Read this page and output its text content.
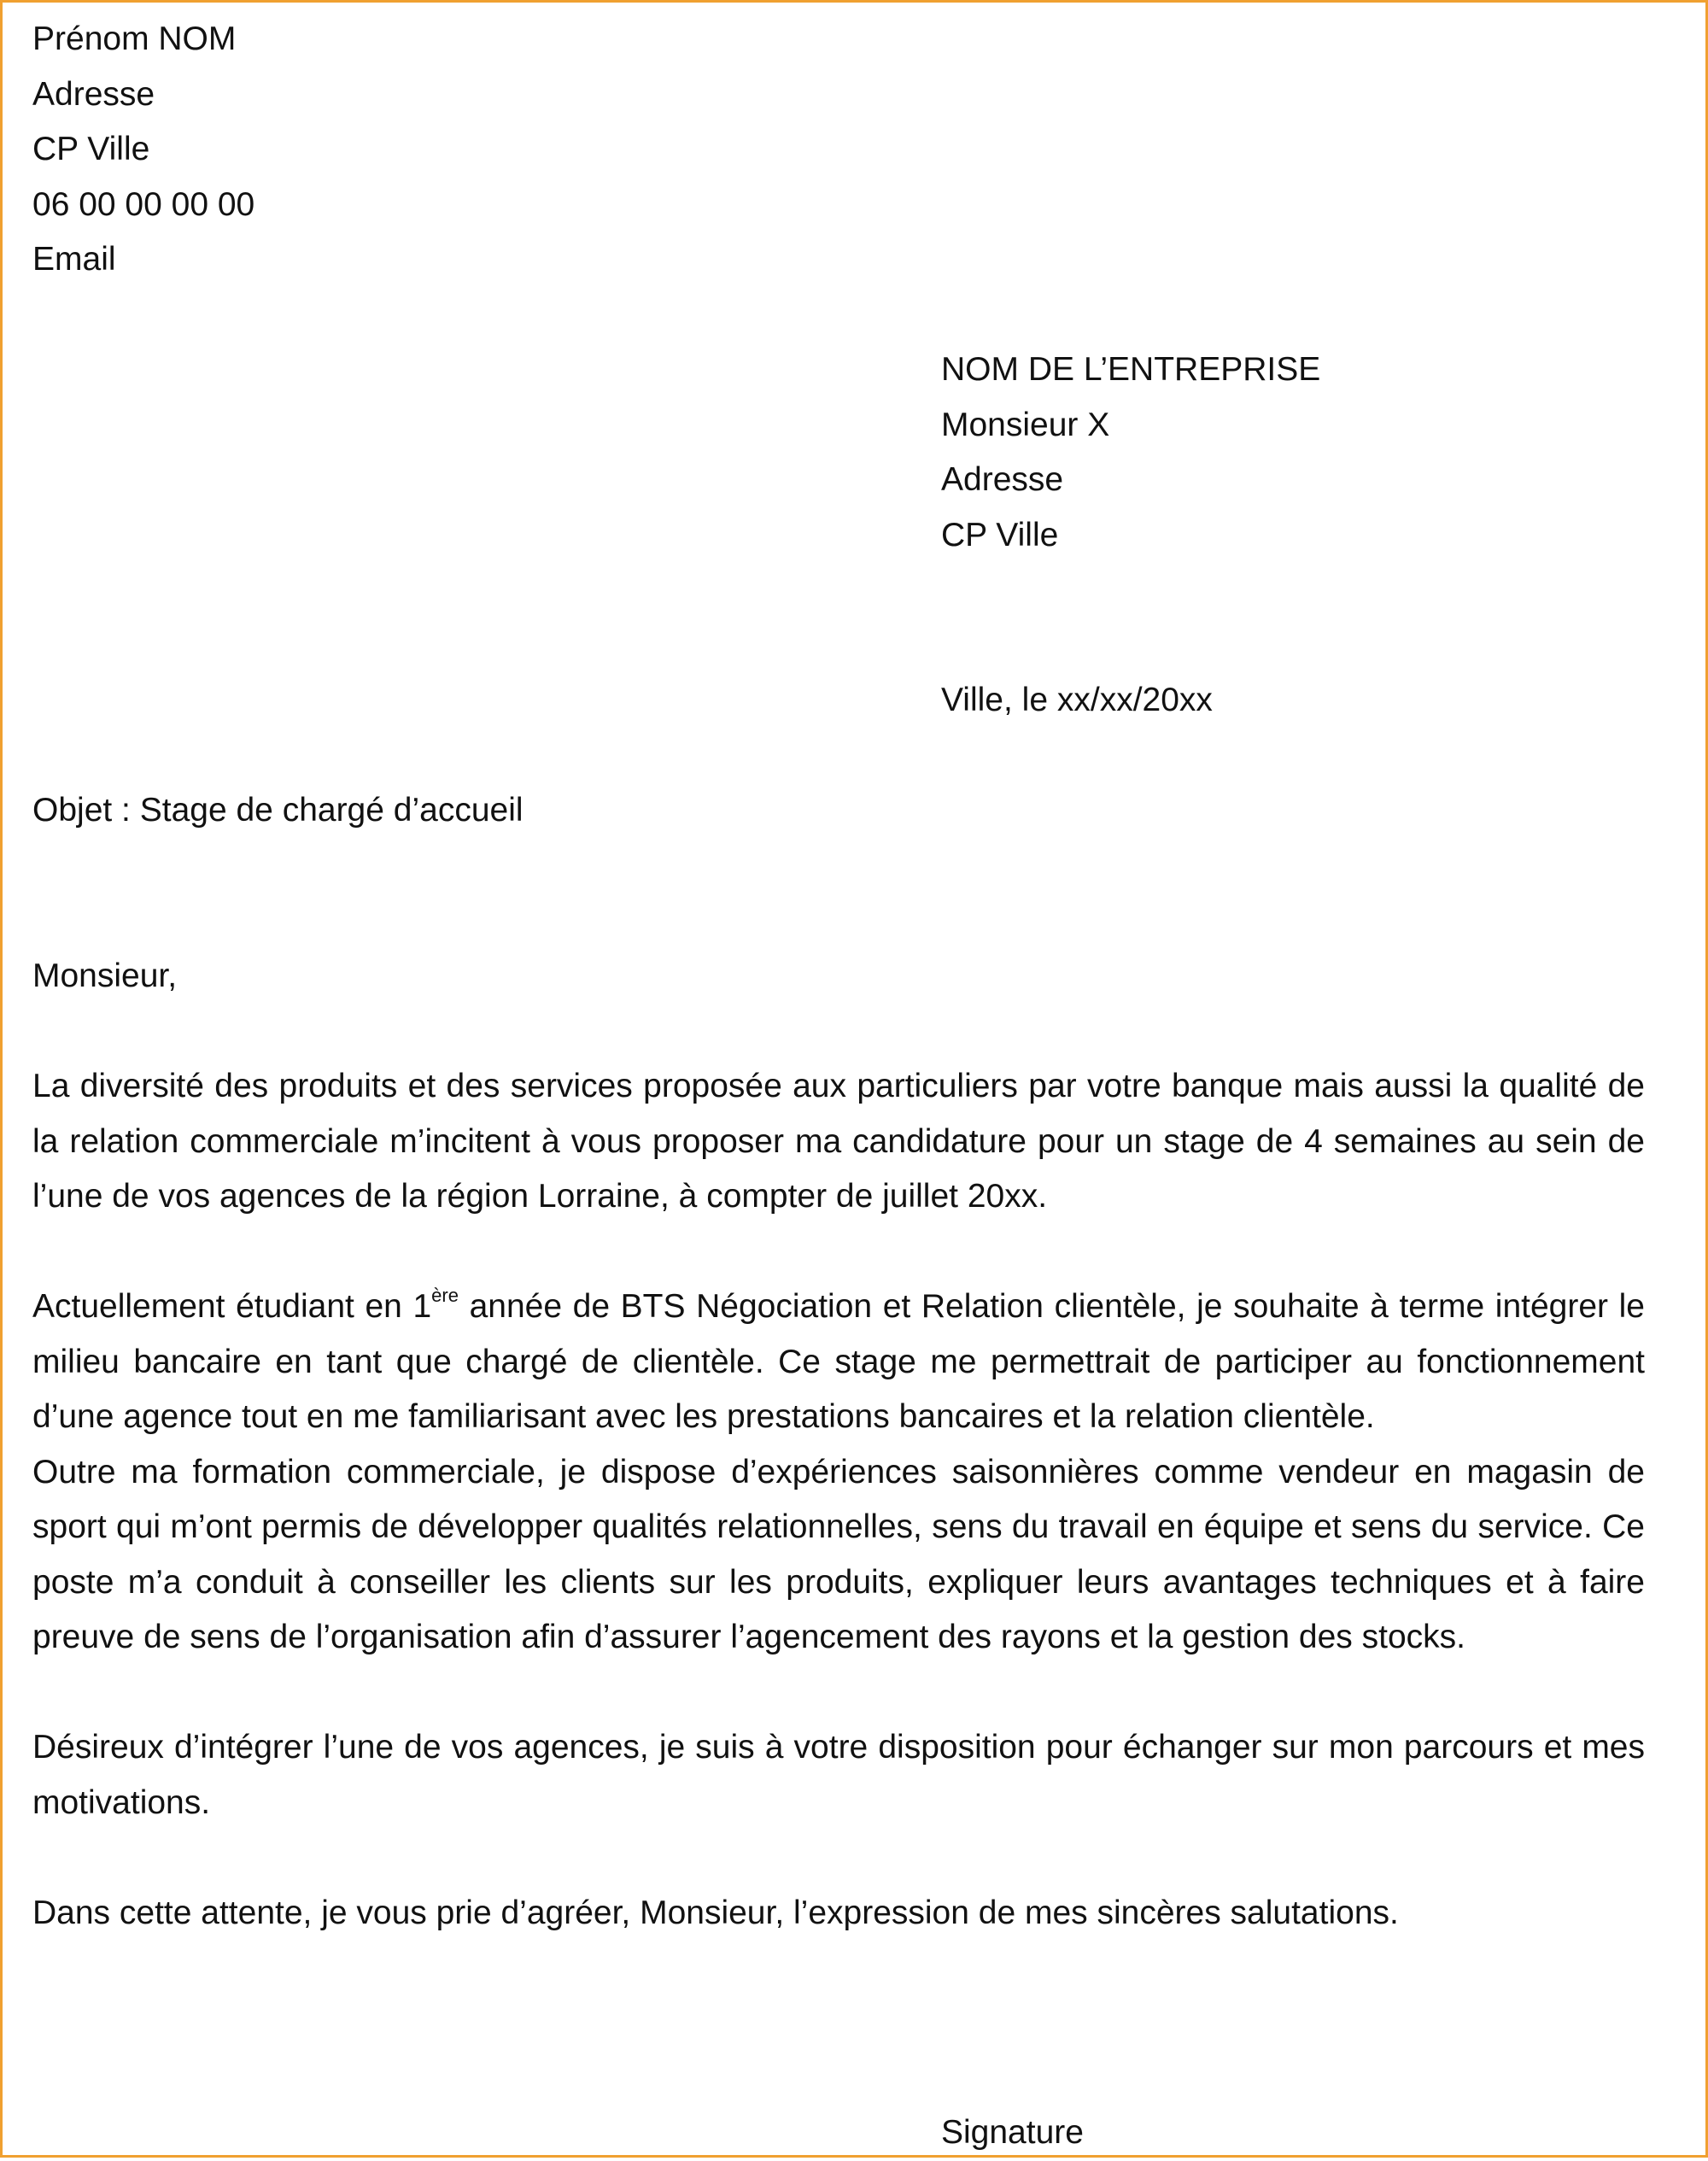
Prénom NOM
Adresse
CP Ville
06 00 00 00 00
Email
NOM DE L’ENTREPRISE
Monsieur X
Adresse
CP Ville
Ville, le xx/xx/20xx
Objet : Stage de chargé d’accueil
Monsieur,

La diversité des produits et des services proposée aux particuliers par votre banque mais aussi la qualité de la relation commerciale m’incitent à vous proposer ma candidature pour un stage de 4 semaines au sein de l’une de vos agences de la région Lorraine, à compter de juillet 20xx.

Actuellement étudiant en 1ère année de BTS Négociation et Relation clientèle, je souhaite à terme intégrer le milieu bancaire en tant que chargé de clientèle. Ce stage me permettrait de participer au fonctionnement d’une agence tout en me familiarisant avec les prestations bancaires et la relation clientèle.

Outre ma formation commerciale, je dispose d’expériences saisonnières comme vendeur en magasin de sport qui m’ont permis de développer qualités relationnelles, sens du travail en équipe et sens du service. Ce poste m’a conduit à conseiller les clients sur les produits, expliquer leurs avantages techniques et à faire preuve de sens de l’organisation afin d’assurer l’agencement des rayons et la gestion des stocks.

Désireux d’intégrer l’une de vos agences, je suis à votre disposition pour échanger sur mon parcours et mes motivations.

Dans cette attente, je vous prie d’agréer, Monsieur, l’expression de mes sincères salutations.

Signature
